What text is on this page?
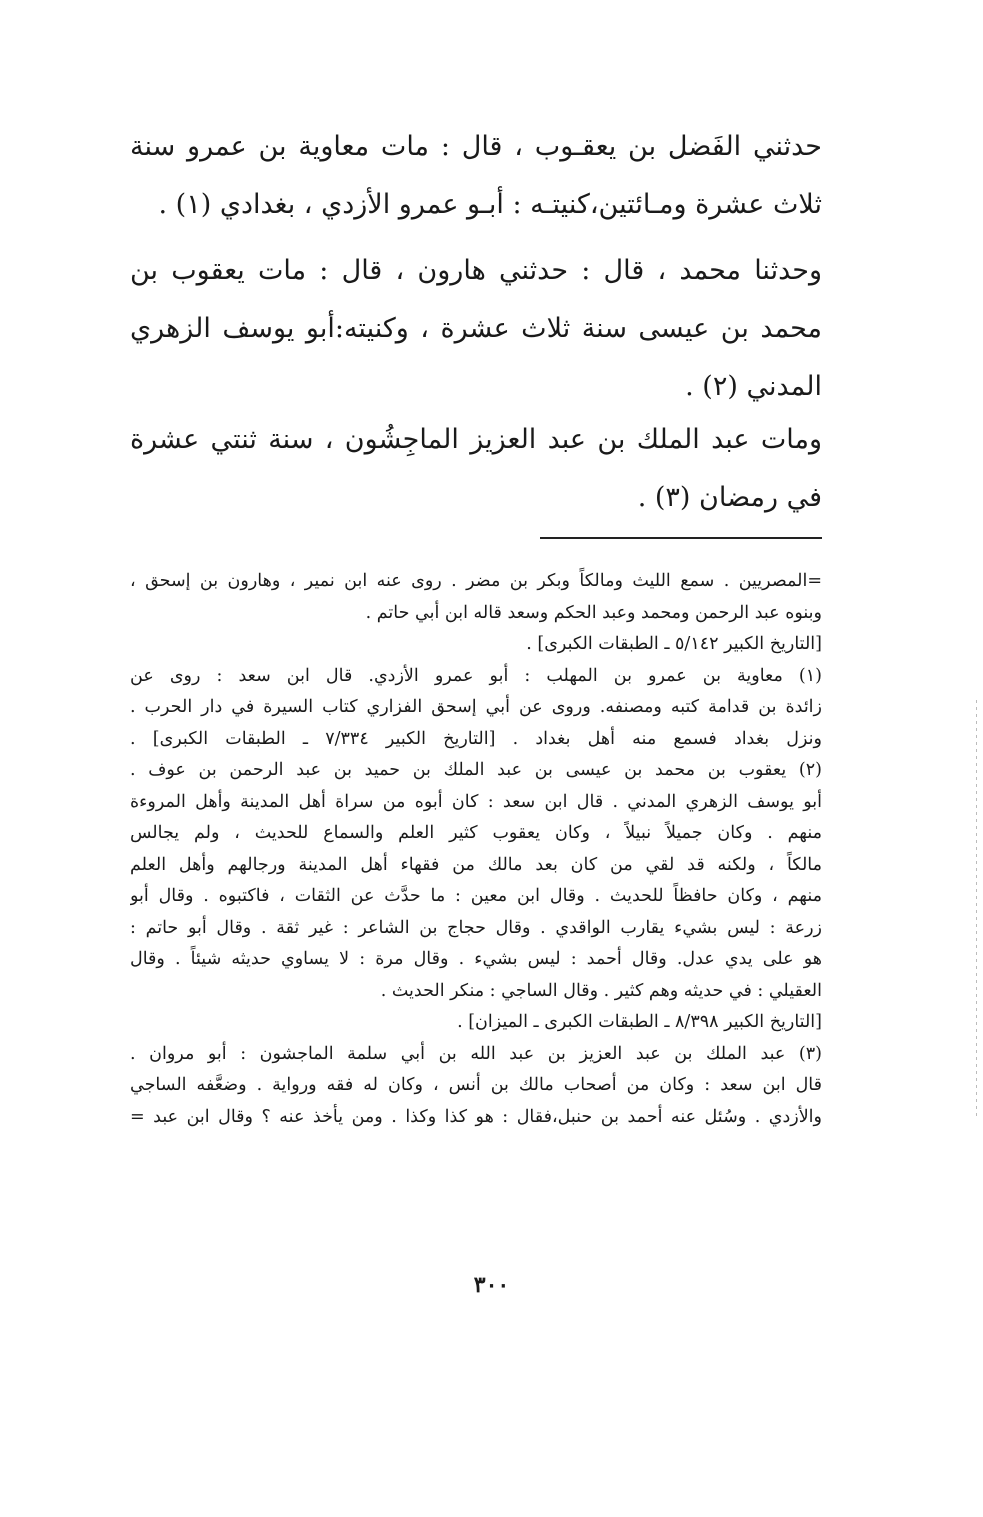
حدثني الفَضل بن يعقـوب ، قال : مات معاوية بن عمرو سنة
ثلاث عشرة ومـائتين،كنيتـه : أبـو عمرو الأزدي ، بغدادي (١) .
وحدثنا محمد ، قال : حدثني هارون ، قال : مات يعقوب بن
محمد بن عيسى سنة ثلاث عشرة ، وكنيته:أبو يوسف الزهري
المدني (٢) .
ومات عبد الملك بن عبد العزيز الماجِشُون ، سنة ثنتي عشرة
في رمضان (٣) .
=المصريين . سمع الليث ومالكاً وبكر بن مضر . روى عنه ابن نمير ، وهارون بن إسحق ،
وبنوه عبد الرحمن ومحمد وعبد الحكم وسعد قاله ابن أبي حاتم .
[التاريخ الكبير ٥/١٤٢ ـ الطبقات الكبرى] .
(١) معاوية بن عمرو بن المهلب : أبو عمرو الأزدي. قال ابن سعد : روى عن
زائدة بن قدامة كتبه ومصنفه. وروى عن أبي إسحق الفزاري كتاب السيرة في دار الحرب .
ونزل بغداد فسمع منه أهل بغداد . [التاريخ الكبير ٧/٣٣٤ ـ الطبقات الكبرى] .
(٢) يعقوب بن محمد بن عيسى بن عبد الملك بن حميد بن عبد الرحمن بن عوف .
أبو يوسف الزهري المدني . قال ابن سعد : كان أبوه من سراة أهل المدينة وأهل المروءة
منهم . وكان جميلاً نبيلاً ، وكان يعقوب كثير العلم والسماع للحديث ، ولم يجالس
مالكاً ، ولكنه قد لقي من كان بعد مالك من فقهاء أهل المدينة ورجالهم وأهل العلم
منهم ، وكان حافظاً للحديث . وقال ابن معين : ما حدَّث عن الثقات ، فاكتبوه . وقال أبو
زرعة : ليس بشيء يقارب الواقدي . وقال حجاج بن الشاعر : غير ثقة . وقال أبو حاتم :
هو على يدي عدل. وقال أحمد : ليس بشيء . وقال مرة : لا يساوي حديثه شيئاً . وقال
العقيلي : في حديثه وهم كثير . وقال الساجي : منكر الحديث .
[التاريخ الكبير ٨/٣٩٨ ـ الطبقات الكبرى ـ الميزان] .
(٣) عبد الملك بن عبد العزيز بن عبد الله بن أبي سلمة الماجشون : أبو مروان .
قال ابن سعد : وكان من أصحاب مالك بن أنس ، وكان له فقه ورواية . وضعَّفه الساجي
والأزدي . وسُئل عنه أحمد بن حنبل،فقال : هو كذا وكذا . ومن يأخذ عنه ؟ وقال ابن عبد =
٣٠٠
